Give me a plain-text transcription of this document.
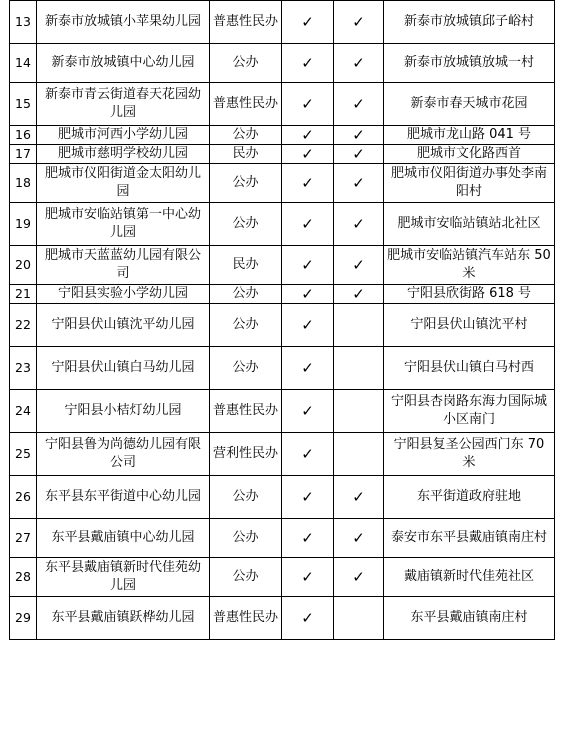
13	新泰市放城镇小苹果幼儿园	普惠性民办	✓	✓	新泰市放城镇邱子峪村
14	新泰市放城镇中心幼儿园	公办	✓	✓	新泰市放城镇放城一村
15	新泰市青云街道春天花园幼儿园	普惠性民办	✓	✓	新泰市春天城市花园
16	肥城市河西小学幼儿园	公办	✓	✓	肥城市龙山路 041 号
17	肥城市慈明学校幼儿园	民办	✓	✓	肥城市文化路西首
18	肥城市仪阳街道金太阳幼儿园	公办	✓	✓	肥城市仪阳街道办事处李南阳村
19	肥城市安临站镇第一中心幼儿园	公办	✓	✓	肥城市安临站镇站北社区
20	肥城市天蓝蓝幼儿园有限公司	民办	✓	✓	肥城市安临站镇汽车站东 50 米
21	宁阳县实验小学幼儿园	公办	✓	✓	宁阳县欣街路 618 号
22	宁阳县伏山镇沈平幼儿园	公办	✓		宁阳县伏山镇沈平村
23	宁阳县伏山镇白马幼儿园	公办	✓		宁阳县伏山镇白马村西
24	宁阳县小桔灯幼儿园	普惠性民办	✓		宁阳县杏岗路东海力国际城小区南门
25	宁阳县鲁为尚德幼儿园有限公司	营利性民办	✓		宁阳县复圣公园西门东 70 米
26	东平县东平街道中心幼儿园	公办	✓	✓	东平街道政府驻地
27	东平县戴庙镇中心幼儿园	公办	✓	✓	泰安市东平县戴庙镇南庄村
28	东平县戴庙镇新时代佳苑幼儿园	公办	✓	✓	戴庙镇新时代佳苑社区
29	东平县戴庙镇跃桦幼儿园	普惠性民办	✓		东平县戴庙镇南庄村
